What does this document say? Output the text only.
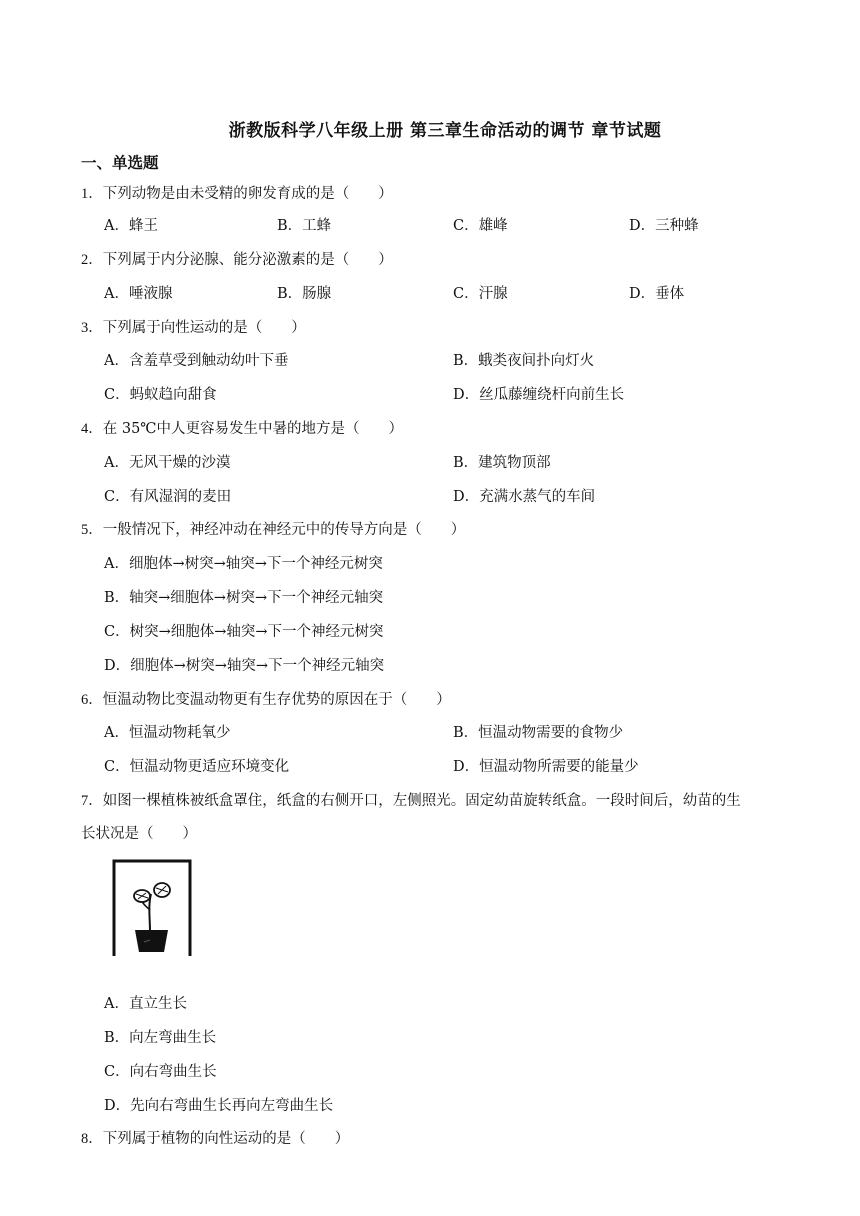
浙教版科学八年级上册 第三章生命活动的调节 章节试题
一、单选题
1．下列动物是由未受精的卵发育成的是（　　）
A．蜂王	B．工蜂	C．雄峰	D．三种蜂
2．下列属于内分泌腺、能分泌激素的是（　　）
A．唾液腺	B．肠腺	C．汗腺	D．垂体
3．下列属于向性运动的是（　　）
A．含羞草受到触动幼叶下垂	B．蛾类夜间扑向灯火
C．蚂蚁趋向甜食	D．丝瓜藤缠绕杆向前生长
4．在 35℃中人更容易发生中暑的地方是（　　）
A．无风干燥的沙漠	B．建筑物顶部
C．有风湿润的麦田	D．充满水蒸气的车间
5．一般情况下，神经冲动在神经元中的传导方向是（　　）
A．细胞体→树突→轴突→下一个神经元树突
B．轴突→细胞体→树突→下一个神经元轴突
C．树突→细胞体→轴突→下一个神经元树突
D．细胞体→树突→轴突→下一个神经元轴突
6．恒温动物比变温动物更有生存优势的原因在于（　　）
A．恒温动物耗氧少	B．恒温动物需要的食物少
C．恒温动物更适应环境变化	D．恒温动物所需要的能量少
7．如图一棵植株被纸盒罩住，纸盒的右侧开口，左侧照光。固定幼苗旋转纸盒。一段时间后，幼苗的生
长状况是（　　）
A．直立生长
B．向左弯曲生长
C．向右弯曲生长
D．先向右弯曲生长再向左弯曲生长
8．下列属于植物的向性运动的是（　　）
